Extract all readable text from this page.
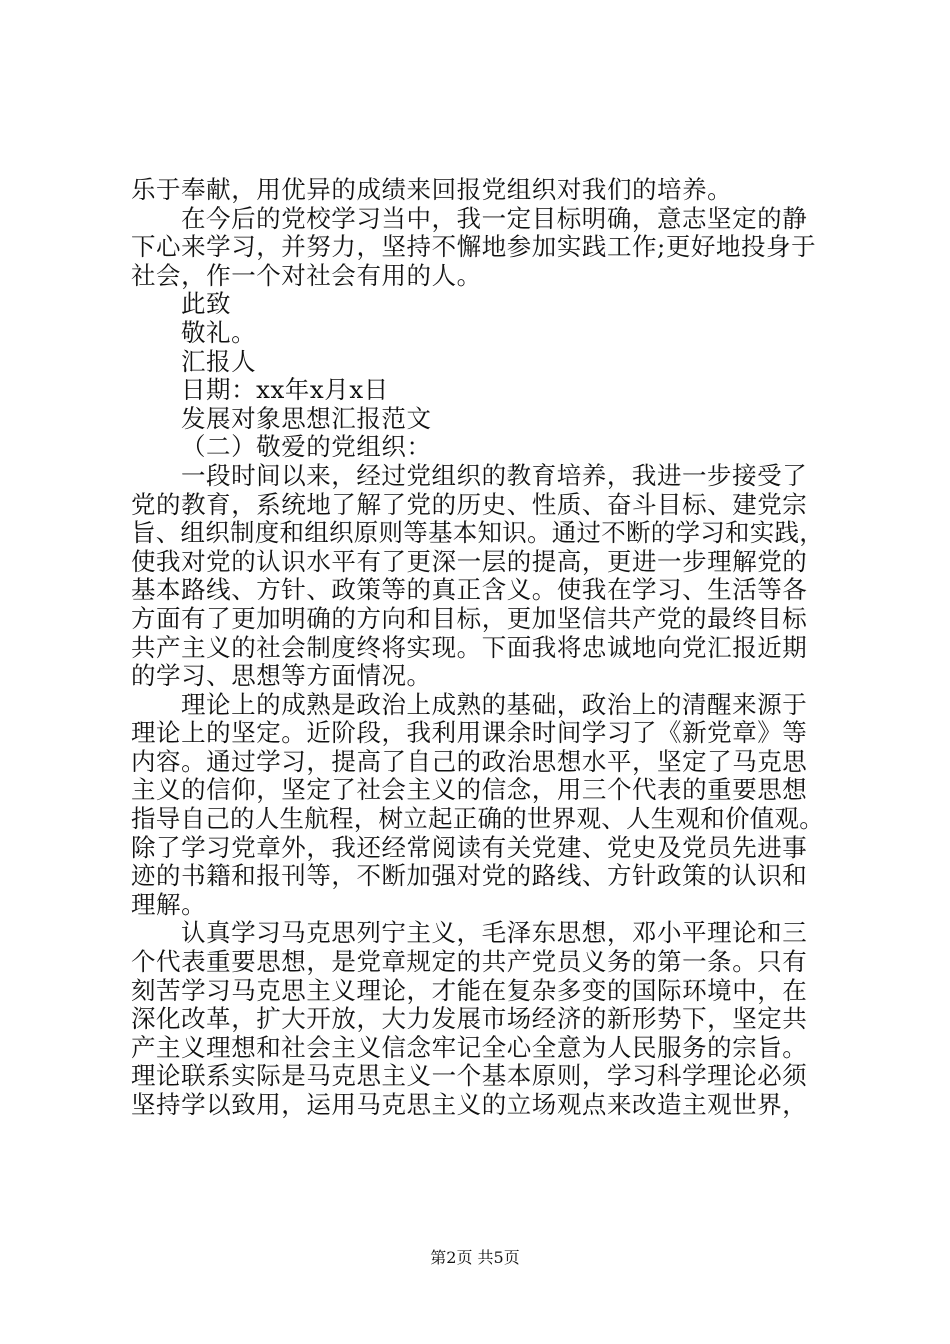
乐于奉献，用优异的成绩来回报党组织对我们的培养。
在今后的党校学习当中，我一定目标明确，意志坚定的静
下心来学习，并努力，坚持不懈地参加实践工作;更好地投身于
社会，作一个对社会有用的人。
此致
敬礼。
汇报人
日期：xx年x月x日
发展对象思想汇报范文
（二）敬爱的党组织：
一段时间以来，经过党组织的教育培养，我进一步接受了
党的教育，系统地了解了党的历史、性质、奋斗目标、建党宗
旨、组织制度和组织原则等基本知识。通过不断的学习和实践，
使我对党的认识水平有了更深一层的提高，更进一步理解党的
基本路线、方针、政策等的真正含义。使我在学习、生活等各
方面有了更加明确的方向和目标，更加坚信共产党的最终目标
共产主义的社会制度终将实现。下面我将忠诚地向党汇报近期
的学习、思想等方面情况。
理论上的成熟是政治上成熟的基础，政治上的清醒来源于
理论上的坚定。近阶段，我利用课余时间学习了《新党章》等
内容。通过学习，提高了自己的政治思想水平，坚定了马克思
主义的信仰，坚定了社会主义的信念，用三个代表的重要思想
指导自己的人生航程，树立起正确的世界观、人生观和价值观。
除了学习党章外，我还经常阅读有关党建、党史及党员先进事
迹的书籍和报刊等，不断加强对党的路线、方针政策的认识和
理解。
认真学习马克思列宁主义，毛泽东思想，邓小平理论和三
个代表重要思想，是党章规定的共产党员义务的第一条。只有
刻苦学习马克思主义理论，才能在复杂多变的国际环境中，在
深化改革，扩大开放，大力发展市场经济的新形势下，坚定共
产主义理想和社会主义信念牢记全心全意为人民服务的宗旨。
理论联系实际是马克思主义一个基本原则，学习科学理论必须
坚持学以致用，运用马克思主义的立场观点来改造主观世界，
第2页 共5页
